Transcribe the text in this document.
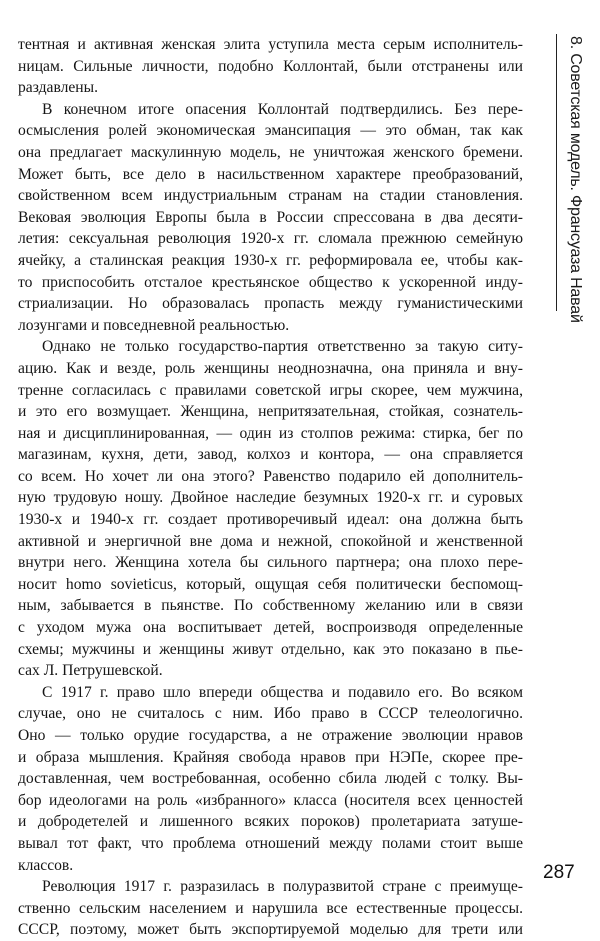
тентная и активная женская элита уступила места серым исполнитель-
ницам. Сильные личности, подобно Коллонтай, были отстранены или
раздавлены.
В конечном итоге опасения Коллонтай подтвердились. Без пере-
осмысления ролей экономическая эмансипация — это обман, так как
она предлагает маскулинную модель, не уничтожая женского бремени.
Может быть, все дело в насильственном характере преобразований,
свойственном всем индустриальным странам на стадии становления.
Вековая эволюция Европы была в России спрессована в два десяти-
летия: сексуальная революция 1920-х гг. сломала прежнюю семейную
ячейку, а сталинская реакция 1930-х гг. реформировала ее, чтобы как-
то приспособить отсталое крестьянское общество к ускоренной инду-
стриализации. Но образовалась пропасть между гуманистическими
лозунгами и повседневной реальностью.
Однако не только государство-партия ответственно за такую ситу-
ацию. Как и везде, роль женщины неоднозначна, она приняла и вну-
тренне согласилась с правилами советской игры скорее, чем мужчина,
и это его возмущает. Женщина, непритязательная, стойкая, сознатель-
ная и дисциплинированная, — один из столпов режима: стирка, бег по
магазинам, кухня, дети, завод, колхоз и контора, — она справляется
со всем. Но хочет ли она этого? Равенство подарило ей дополнитель-
ную трудовую ношу. Двойное наследие безумных 1920-х гг. и суровых
1930-х и 1940-х гг. создает противоречивый идеал: она должна быть
активной и энергичной вне дома и нежной, спокойной и женственной
внутри него. Женщина хотела бы сильного партнера; она плохо пере-
носит homo sovieticus, который, ощущая себя политически беспомощ-
ным, забывается в пьянстве. По собственному желанию или в связи
с уходом мужа она воспитывает детей, воспроизводя определенные
схемы; мужчины и женщины живут отдельно, как это показано в пье-
сах Л. Петрушевской.
С 1917 г. право шло впереди общества и подавило его. Во всяком
случае, оно не считалось с ним. Ибо право в СССР телеологично.
Оно — только орудие государства, а не отражение эволюции нравов
и образа мышления. Крайняя свобода нравов при НЭПе, скорее пре-
доставленная, чем востребованная, особенно сбила людей с толку. Вы-
бор идеологами на роль «избранного» класса (носителя всех ценностей
и добродетелей и лишенного всяких пороков) пролетариата затуше-
вывал тот факт, что проблема отношений между полами стоит выше
классов.
Революция 1917 г. разразилась в полуразвитой стране с преимуще-
ственно сельским населением и нарушила все естественные процессы.
СССР, поэтому, может быть экспортируемой моделью для трети или
8. Советская модель. Франсуаза Навай
287
